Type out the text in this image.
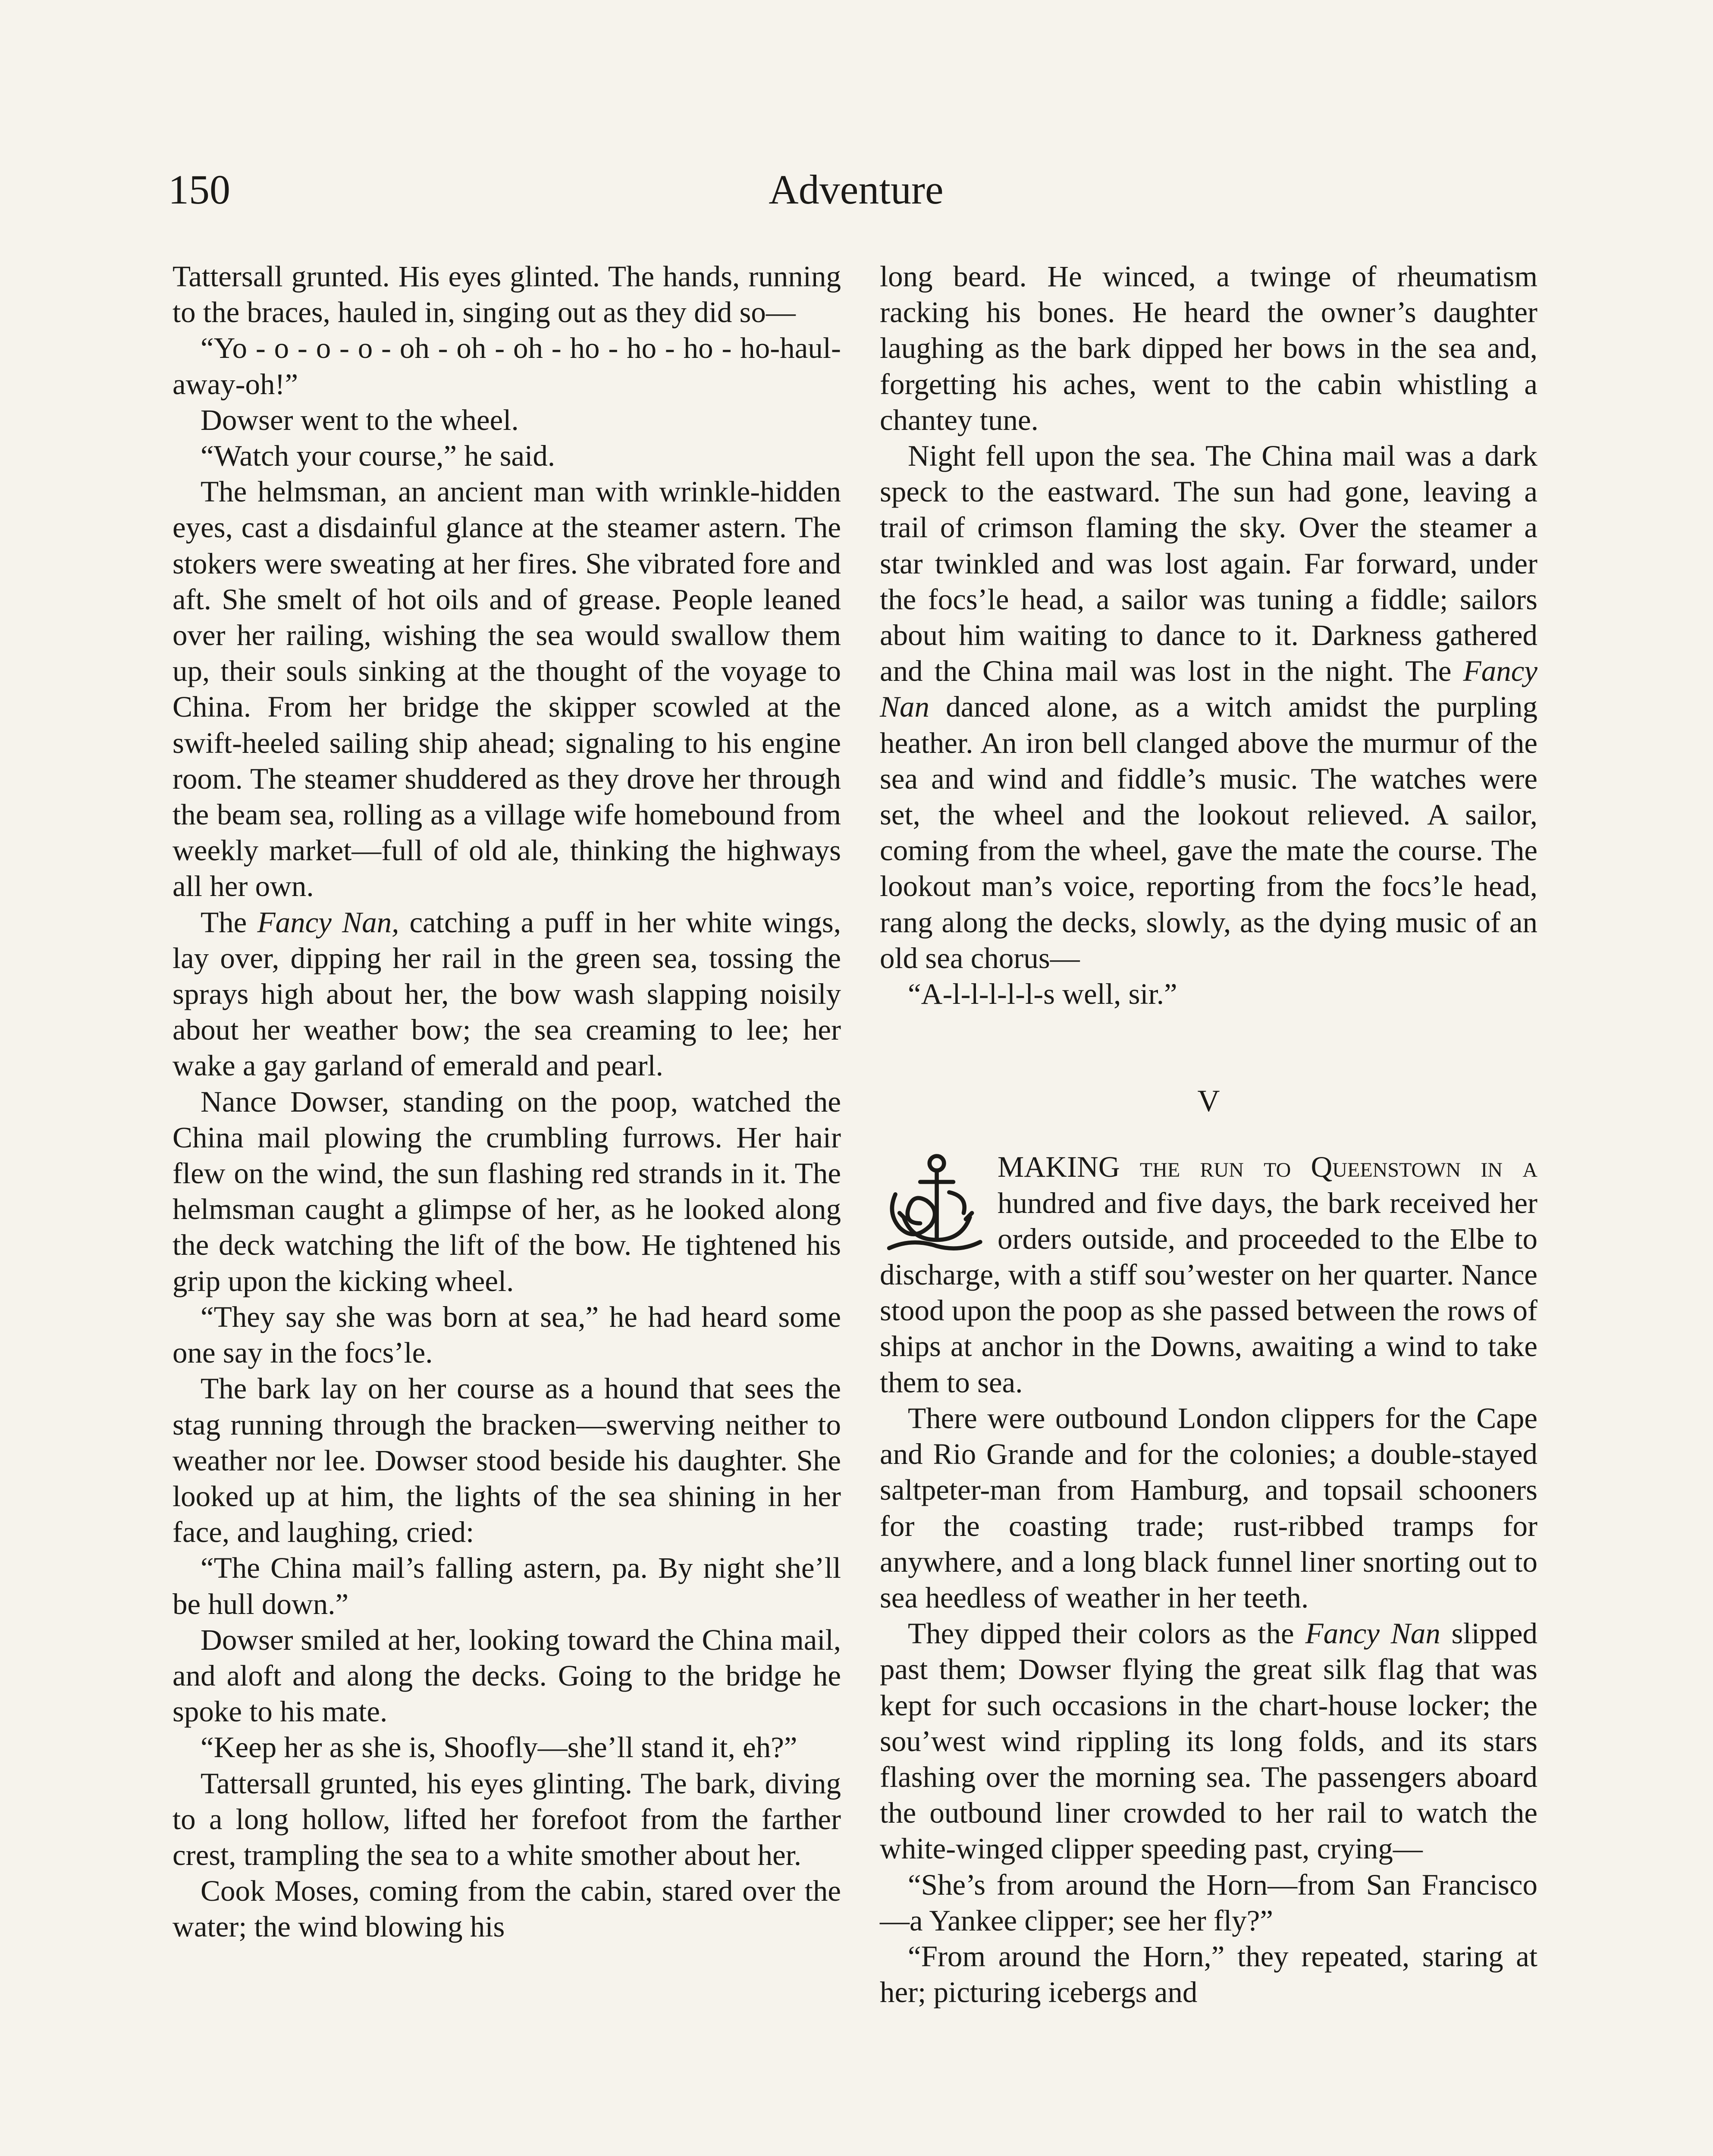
150	Adventure

Tattersall grunted. His eyes glinted. The hands, running to the braces, hauled in, singing out as they did so—

“Yo - o - o - o - oh - oh - oh - ho - ho - ho - ho-haul-away-oh!”

Dowser went to the wheel.

“Watch your course,” he said.

The helmsman, an ancient man with wrinkle-hidden eyes, cast a disdainful glance at the steamer astern. The stokers were sweating at her fires. She vibrated fore and aft. She smelt of hot oils and of grease. People leaned over her railing, wishing the sea would swallow them up, their souls sinking at the thought of the voyage to China. From her bridge the skipper scowled at the swift-heeled sailing ship ahead; signaling to his engine room. The steamer shuddered as they drove her through the beam sea, rolling as a village wife homebound from weekly market—full of old ale, thinking the highways all her own.

The Fancy Nan, catching a puff in her white wings, lay over, dipping her rail in the green sea, tossing the sprays high about her, the bow wash slapping noisily about her weather bow; the sea creaming to lee; her wake a gay garland of emerald and pearl.

Nance Dowser, standing on the poop, watched the China mail plowing the crumbling furrows. Her hair flew on the wind, the sun flashing red strands in it. The helmsman caught a glimpse of her, as he looked along the deck watching the lift of the bow. He tightened his grip upon the kicking wheel.

“They say she was born at sea,” he had heard some one say in the focs’le.

The bark lay on her course as a hound that sees the stag running through the bracken—swerving neither to weather nor lee. Dowser stood beside his daughter. She looked up at him, the lights of the sea shining in her face, and laughing, cried:

“The China mail’s falling astern, pa. By night she’ll be hull down.”

Dowser smiled at her, looking toward the China mail, and aloft and along the decks. Going to the bridge he spoke to his mate.

“Keep her as she is, Shoofly—she’ll stand it, eh?”

Tattersall grunted, his eyes glinting. The bark, diving to a long hollow, lifted her forefoot from the farther crest, trampling the sea to a white smother about her.

Cook Moses, coming from the cabin, stared over the water; the wind blowing his

long beard. He winced, a twinge of rheumatism racking his bones. He heard the owner’s daughter laughing as the bark dipped her bows in the sea and, forgetting his aches, went to the cabin whistling a chantey tune.

Night fell upon the sea. The China mail was a dark speck to the eastward. The sun had gone, leaving a trail of crimson flaming the sky. Over the steamer a star twinkled and was lost again. Far forward, under the focs’le head, a sailor was tuning a fiddle; sailors about him waiting to dance to it. Darkness gathered and the China mail was lost in the night. The Fancy Nan danced alone, as a witch amidst the purpling heather. An iron bell clanged above the murmur of the sea and wind and fiddle’s music. The watches were set, the wheel and the lookout relieved. A sailor, coming from the wheel, gave the mate the course. The lookout man’s voice, reporting from the focs’le head, rang along the decks, slowly, as the dying music of an old sea chorus—

“A-l-l-l-l-l-s well, sir.”

V

MAKING the run to Queenstown in a hundred and five days, the bark received her orders outside, and proceeded to the Elbe to discharge, with a stiff sou’wester on her quarter. Nance stood upon the poop as she passed between the rows of ships at anchor in the Downs, awaiting a wind to take them to sea.

There were outbound London clippers for the Cape and Rio Grande and for the colonies; a double-stayed saltpeter-man from Hamburg, and topsail schooners for the coasting trade; rust-ribbed tramps for anywhere, and a long black funnel liner snorting out to sea heedless of weather in her teeth.

They dipped their colors as the Fancy Nan slipped past them; Dowser flying the great silk flag that was kept for such occasions in the chart-house locker; the sou’west wind rippling its long folds, and its stars flashing over the morning sea. The passengers aboard the outbound liner crowded to her rail to watch the white-winged clipper speeding past, crying—

“She’s from around the Horn—from San Francisco—a Yankee clipper; see her fly?”

“From around the Horn,” they repeated, staring at her; picturing icebergs and
